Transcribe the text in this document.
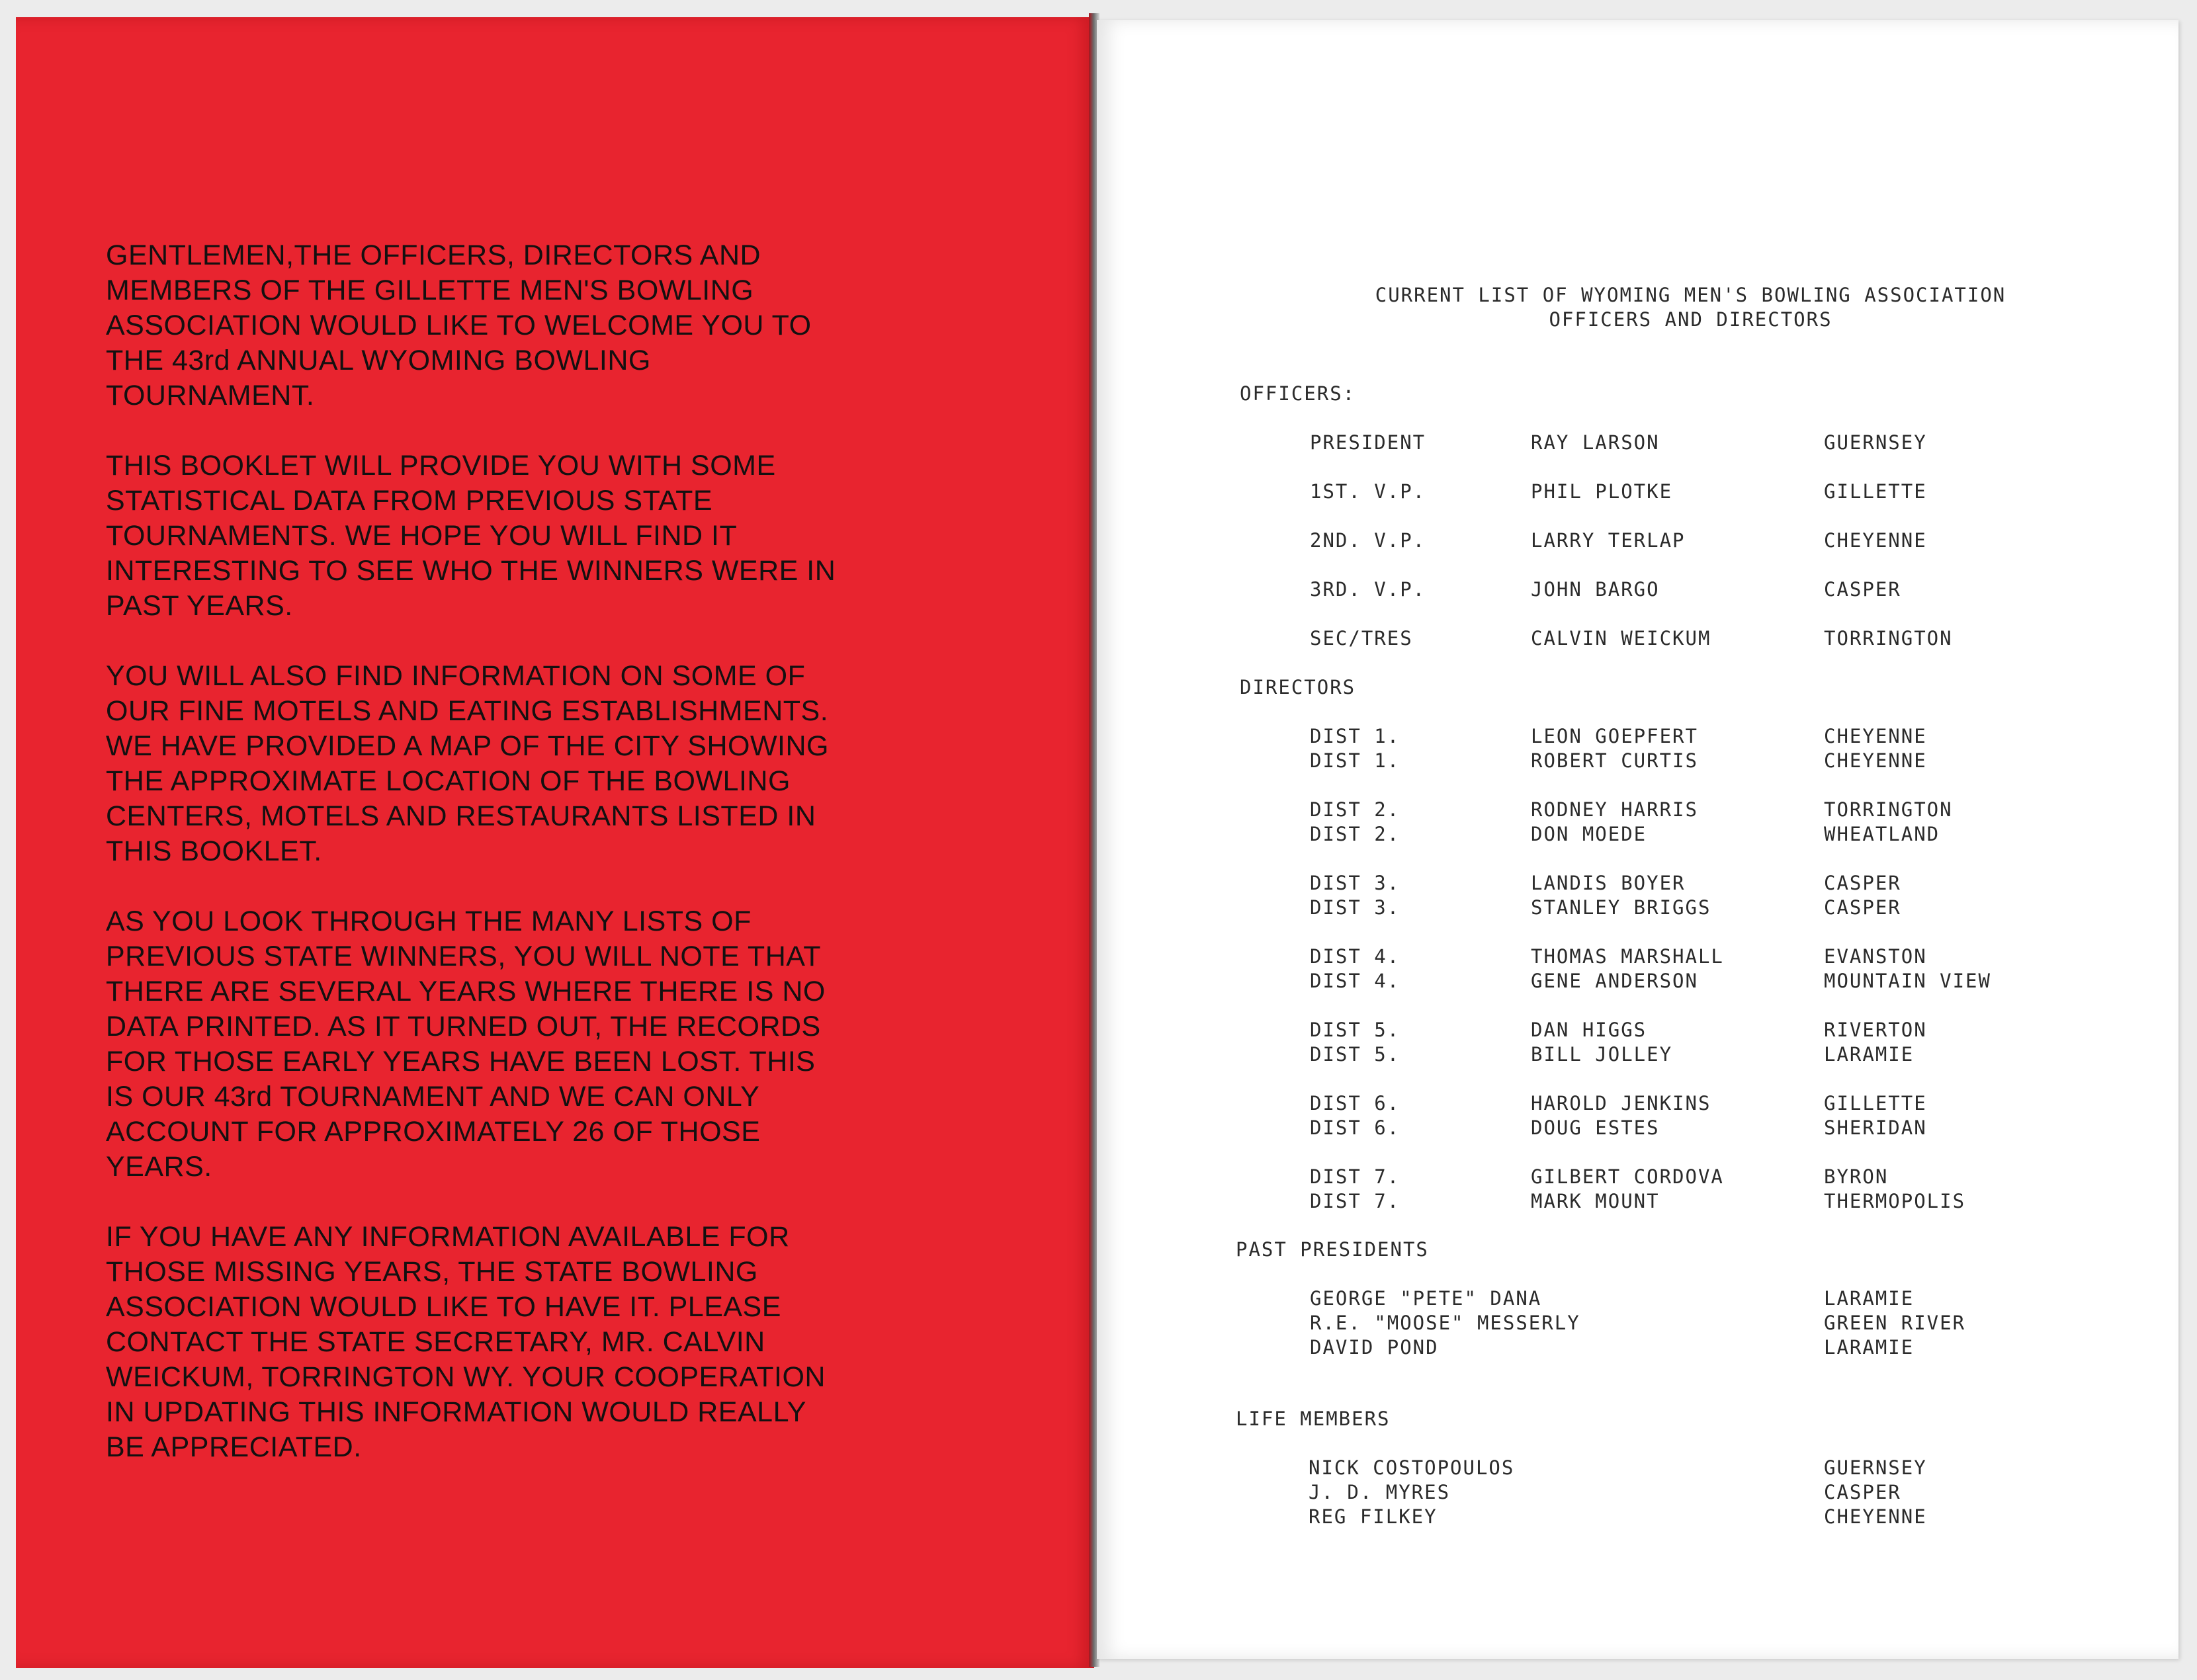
GENTLEMEN,THE OFFICERS, DIRECTORS AND
MEMBERS OF THE GILLETTE MEN'S BOWLING
ASSOCIATION WOULD LIKE TO WELCOME YOU TO
THE 43rd ANNUAL WYOMING BOWLING
TOURNAMENT.

THIS BOOKLET WILL PROVIDE YOU WITH SOME
STATISTICAL DATA FROM PREVIOUS STATE
TOURNAMENTS. WE HOPE YOU WILL FIND IT
INTERESTING TO SEE WHO THE WINNERS WERE IN
PAST YEARS.

YOU WILL ALSO FIND INFORMATION ON SOME OF
OUR FINE MOTELS AND EATING ESTABLISHMENTS.
WE HAVE PROVIDED A MAP OF THE CITY SHOWING
THE APPROXIMATE LOCATION OF THE BOWLING
CENTERS, MOTELS AND RESTAURANTS LISTED IN
THIS BOOKLET.

AS YOU LOOK THROUGH THE MANY LISTS OF
PREVIOUS STATE WINNERS, YOU WILL NOTE THAT
THERE ARE SEVERAL YEARS WHERE THERE IS NO
DATA PRINTED. AS IT TURNED OUT, THE RECORDS
FOR THOSE EARLY YEARS HAVE BEEN LOST. THIS
IS OUR 43rd TOURNAMENT AND WE CAN ONLY
ACCOUNT FOR APPROXIMATELY 26 OF THOSE
YEARS.

IF YOU HAVE ANY INFORMATION AVAILABLE FOR
THOSE MISSING YEARS, THE STATE BOWLING
ASSOCIATION WOULD LIKE TO HAVE IT. PLEASE
CONTACT THE STATE SECRETARY, MR. CALVIN
WEICKUM, TORRINGTON WY. YOUR COOPERATION
IN UPDATING THIS INFORMATION WOULD REALLY
BE APPRECIATED.

CURRENT LIST OF WYOMING MEN'S BOWLING ASSOCIATION
OFFICERS AND DIRECTORS
OFFICERS:
PRESIDENT	RAY LARSON	GUERNSEY
1ST. V.P.	PHIL PLOTKE	GILLETTE
2ND. V.P.	LARRY TERLAP	CHEYENNE
3RD. V.P.	JOHN BARGO	CASPER
SEC/TRES	CALVIN WEICKUM	TORRINGTON
DIRECTORS
DIST 1.	LEON GOEPFERT	CHEYENNE
DIST 1.	ROBERT CURTIS	CHEYENNE
DIST 2.	RODNEY HARRIS	TORRINGTON
DIST 2.	DON MOEDE	WHEATLAND
DIST 3.	LANDIS BOYER	CASPER
DIST 3.	STANLEY BRIGGS	CASPER
DIST 4.	THOMAS MARSHALL	EVANSTON
DIST 4.	GENE ANDERSON	MOUNTAIN VIEW
DIST 5.	DAN HIGGS	RIVERTON
DIST 5.	BILL JOLLEY	LARAMIE
DIST 6.	HAROLD JENKINS	GILLETTE
DIST 6.	DOUG ESTES	SHERIDAN
DIST 7.	GILBERT CORDOVA	BYRON
DIST 7.	MARK MOUNT	THERMOPOLIS
PAST PRESIDENTS
GEORGE "PETE" DANA	LARAMIE
R.E. "MOOSE" MESSERLY	GREEN RIVER
DAVID POND	LARAMIE
LIFE MEMBERS
NICK COSTOPOULOS	GUERNSEY
J. D. MYRES	CASPER
REG FILKEY	CHEYENNE
